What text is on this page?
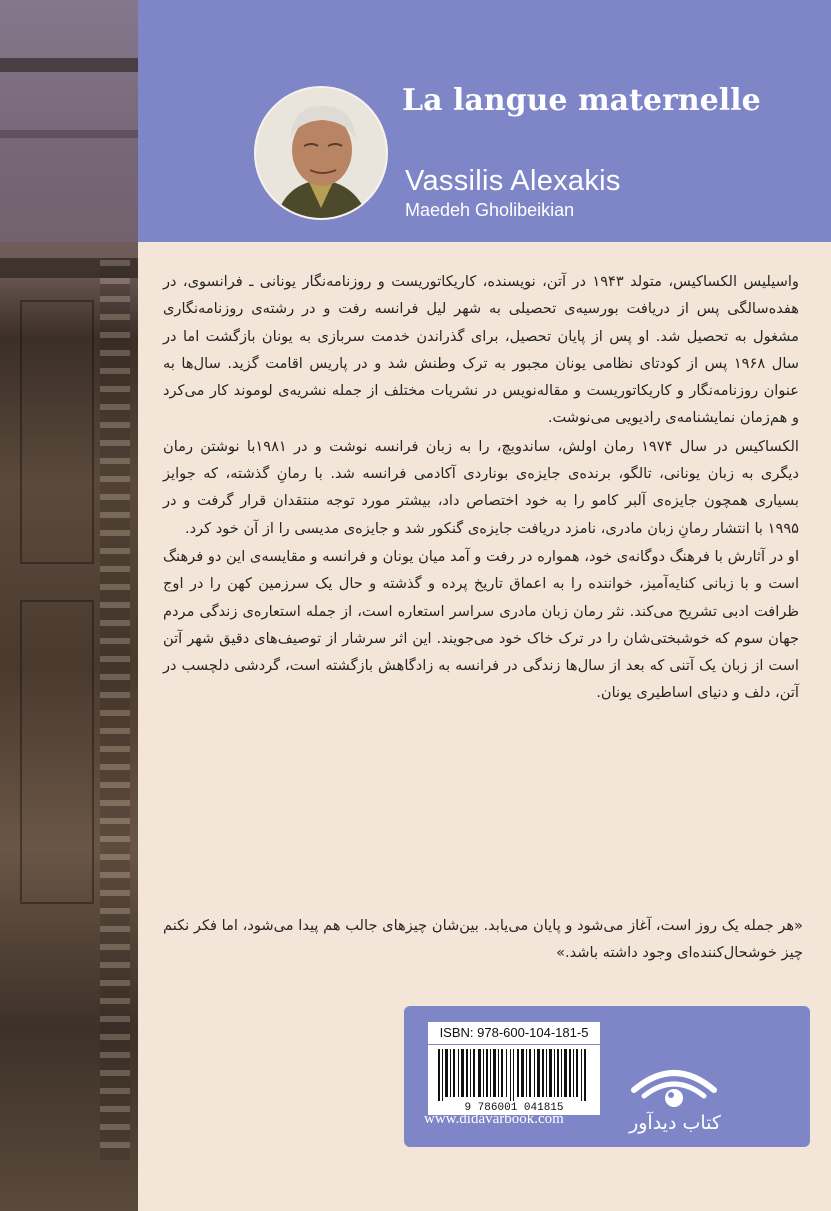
La langue maternelle
Vassilis Alexakis
Maedeh Gholibeikian

واسیلیس الکساکیس، متولد ۱۹۴۳ در آتن، نویسنده، کاریکاتوریست و روزنامه‌نگار یونانی ـ فرانسوی، در هفده‌سالگی پس از دریافت بورسیه‌ی تحصیلی به شهر لیل فرانسه رفت و در رشته‌ی روزنامه‌نگاری مشغول به تحصیل شد. او پس از پایان تحصیل، برای گذراندن خدمت سربازی به یونان بازگشت اما در سال ۱۹۶۸ پس از کودتای نظامی یونان مجبور به ترک وطنش شد و در پاریس اقامت گزید. سال‌ها به عنوان روزنامه‌نگار و کاریکاتوریست و مقاله‌نویس در نشریات مختلف از جمله نشریه‌ی لوموند کار می‌کرد و هم‌زمان نمایشنامه‌ی رادیویی می‌نوشت.

الکساکیس در سال ۱۹۷۴ رمان اولش، ساندویچ، را به زبان فرانسه نوشت و در ۱۹۸۱با نوشتن رمان دیگری به زبان یونانی، تالگو، برنده‌ی جایزه‌ی بوناردی آکادمی فرانسه شد. با رمانِ گذشته، که جوایز بسیاری همچون جایزه‌ی آلبر کامو را به خود اختصاص داد، بیشتر مورد توجه منتقدان قرار گرفت و در ۱۹۹۵ با انتشار رمانِ زبان مادری، نامزد دریافت جایزه‌ی گنکور شد و جایزه‌ی مدیسی را از آن خود کرد.

او در آثارش با فرهنگ دوگانه‌ی خود، همواره در رفت و آمد میان یونان و فرانسه و مقایسه‌ی این دو فرهنگ است و با زبانی کنایه‌آمیز، خواننده را به اعماق تاریخ پرده و گذشته و حال یک سرزمین کهن را در اوج ظرافت ادبی تشریح می‌کند. نثر رمان زبان مادری سراسر استعاره است، از جمله استعاره‌ی زندگی مردم جهان سوم که خوشبختی‌شان را در ترک خاک خود می‌جویند. این اثر سرشار از توصیف‌های دقیق شهر آتن است از زبان یک آتنی که بعد از سال‌ها زندگی در فرانسه به زادگاهش بازگشته است، گردشی دلچسب در آتن، دلف و دنیای اساطیری یونان.

«هر جمله یک روز است، آغاز می‌شود و پایان می‌یابد. بین‌شان چیزهای جالب هم پیدا می‌شود، اما فکر نکنم چیز خوشحال‌کننده‌ای وجود داشته باشد.»
ISBN: 978-600-104-181-5
9 786001 041815
www.didavarbook.com	کتاب دیدآور
